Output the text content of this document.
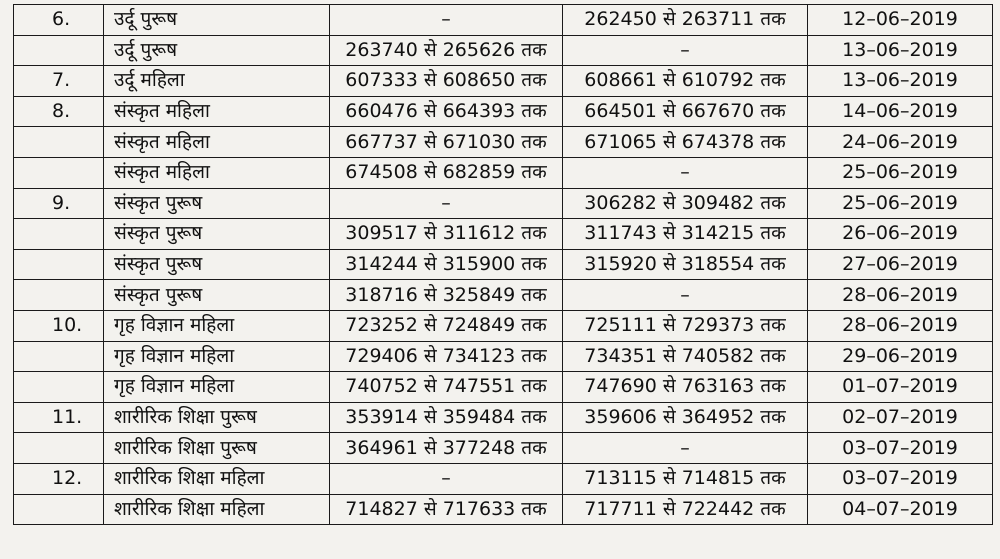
6.	उर्दू पुरूष	–	262450 से 263711 तक	12–06–2019
	उर्दू पुरूष	263740 से 265626 तक	–	13–06–2019
7.	उर्दू महिला	607333 से 608650 तक	608661 से 610792 तक	13–06–2019
8.	संस्कृत महिला	660476 से 664393 तक	664501 से 667670 तक	14–06–2019
	संस्कृत महिला	667737 से 671030 तक	671065 से 674378 तक	24–06–2019
	संस्कृत महिला	674508 से 682859 तक	–	25–06–2019
9.	संस्कृत पुरूष	–	306282 से 309482 तक	25–06–2019
	संस्कृत पुरूष	309517 से 311612 तक	311743 से 314215 तक	26–06–2019
	संस्कृत पुरूष	314244 से 315900 तक	315920 से 318554 तक	27–06–2019
	संस्कृत पुरूष	318716 से 325849 तक	–	28–06–2019
10.	गृह विज्ञान महिला	723252 से 724849 तक	725111 से 729373 तक	28–06–2019
	गृह विज्ञान महिला	729406 से 734123 तक	734351 से 740582 तक	29–06–2019
	गृह विज्ञान महिला	740752 से 747551 तक	747690 से 763163 तक	01–07–2019
11.	शारीरिक शिक्षा पुरूष	353914 से 359484 तक	359606 से 364952 तक	02–07–2019
	शारीरिक शिक्षा पुरूष	364961 से 377248 तक	–	03–07–2019
12.	शारीरिक शिक्षा महिला	–	713115 से 714815 तक	03–07–2019
	शारीरिक शिक्षा महिला	714827 से 717633 तक	717711 से 722442 तक	04–07–2019
